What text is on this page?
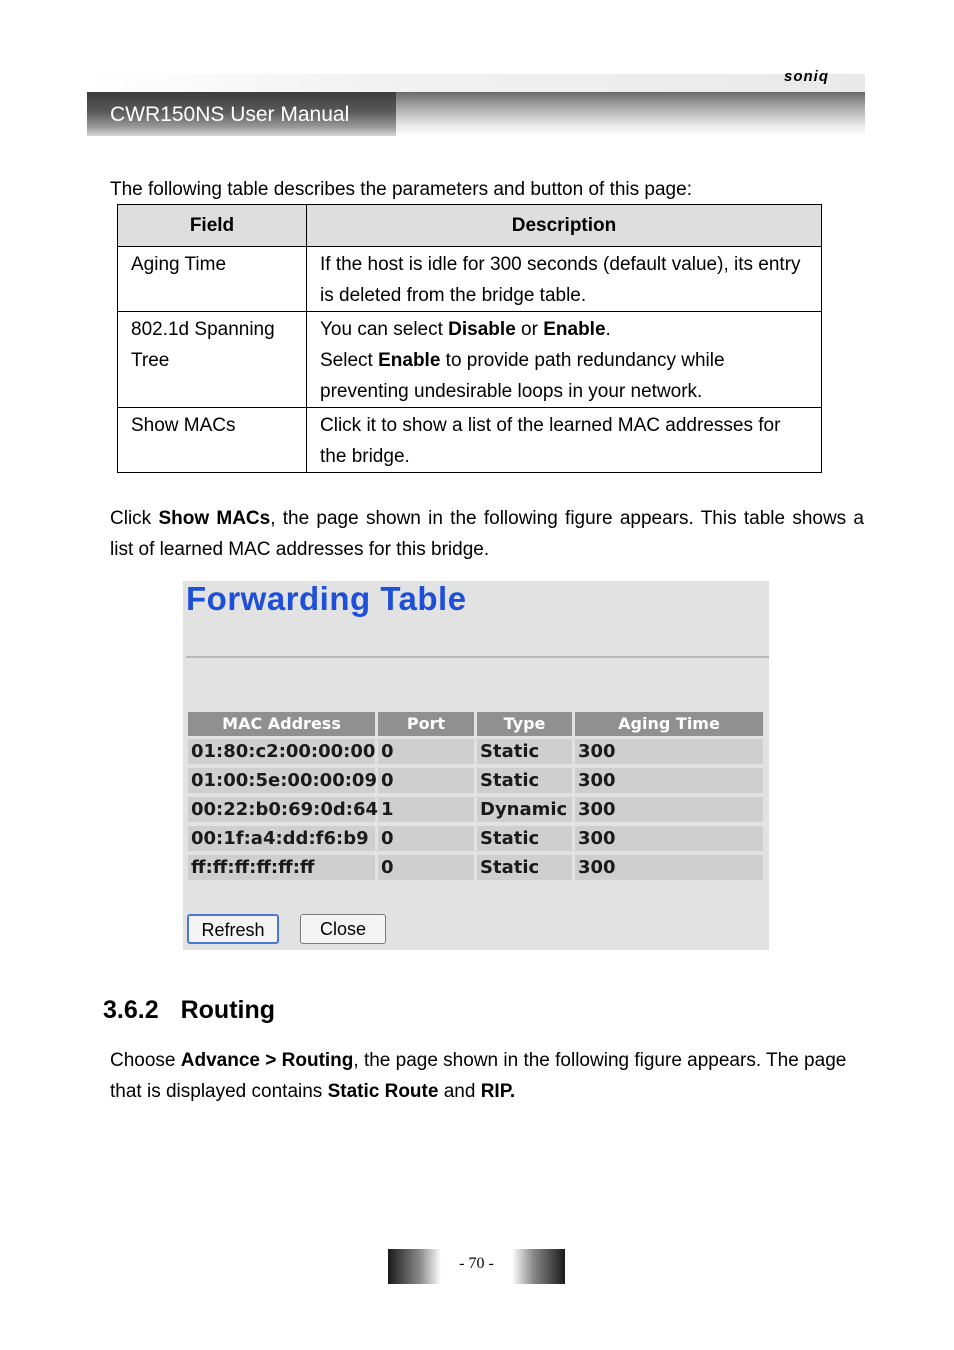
soniq
CWR150NS User Manual
The following table describes the parameters and button of this page:
Field	Description
Aging Time	If the host is idle for 300 seconds (default value), its entry is deleted from the bridge table.
802.1d Spanning Tree	You can select Disable or Enable.
Select Enable to provide path redundancy while preventing undesirable loops in your network.
Show MACs	Click it to show a list of the learned MAC addresses for the bridge.
Click Show MACs, the page shown in the following figure appears. This table shows a list of learned MAC addresses for this bridge.
Forwarding Table
MAC Address	Port	Type	Aging Time
01:80:c2:00:00:00 0	Static	300
01:00:5e:00:00:09 0	Static	300
00:22:b0:69:0d:64 1	Dynamic 300
00:1f:a4:dd:f6:b9 0	Static	300
ff:ff:ff:ff:ff:ff	0	Static	300
Refresh	Close
3.6.2 Routing
Choose Advance > Routing, the page shown in the following figure appears. The page that is displayed contains Static Route and RIP.
- 70 -
